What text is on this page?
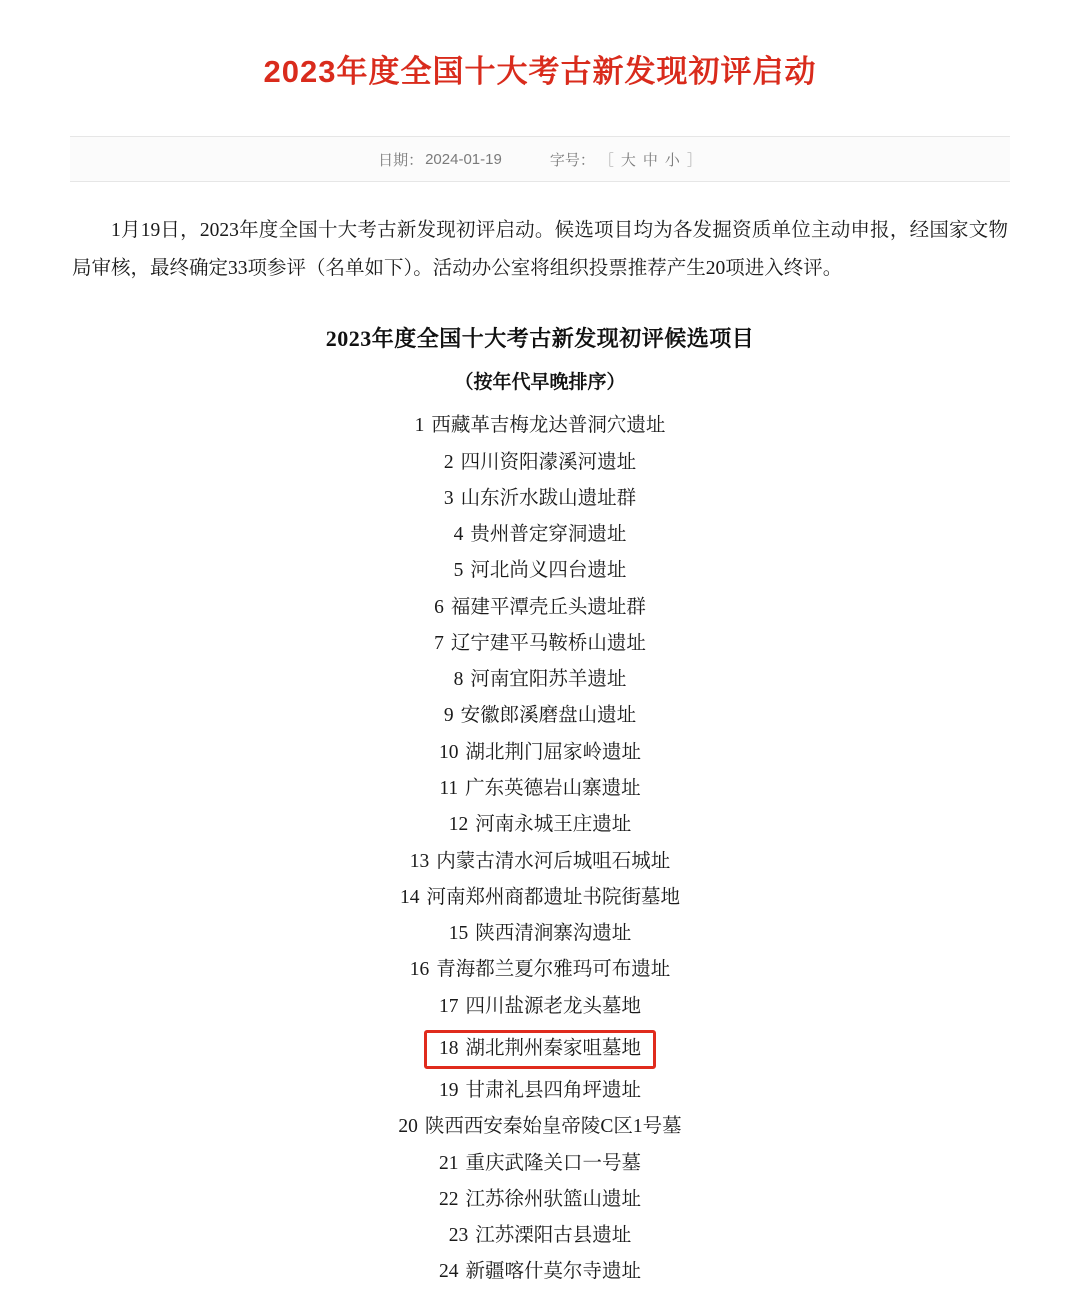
2023年度全国十大考古新发现初评启动
日期： 2024-01-19	字号： ［ 大 中 小 ］

1月19日，2023年度全国十大考古新发现初评启动。候选项目均为各发掘资质单位主动申报，经国家文物局审核，最终确定33项参评（名单如下）。活动办公室将组织投票推荐产生20项进入终评。

2023年度全国十大考古新发现初评候选项目
（按年代早晚排序）
1 西藏革吉梅龙达普洞穴遗址
2 四川资阳濛溪河遗址
3 山东沂水跋山遗址群
4 贵州普定穿洞遗址
5 河北尚义四台遗址
6 福建平潭壳丘头遗址群
7 辽宁建平马鞍桥山遗址
8 河南宜阳苏羊遗址
9 安徽郎溪磨盘山遗址
10 湖北荆门屈家岭遗址
11 广东英德岩山寨遗址
12 河南永城王庄遗址
13 内蒙古清水河后城咀石城址
14 河南郑州商都遗址书院街墓地
15 陕西清涧寨沟遗址
16 青海都兰夏尔雅玛可布遗址
17 四川盐源老龙头墓地
18 湖北荆州秦家咀墓地
19 甘肃礼县四角坪遗址
20 陕西西安秦始皇帝陵C区1号墓
21 重庆武隆关口一号墓
22 江苏徐州驮篮山遗址
23 江苏溧阳古县遗址
24 新疆喀什莫尔寺遗址
